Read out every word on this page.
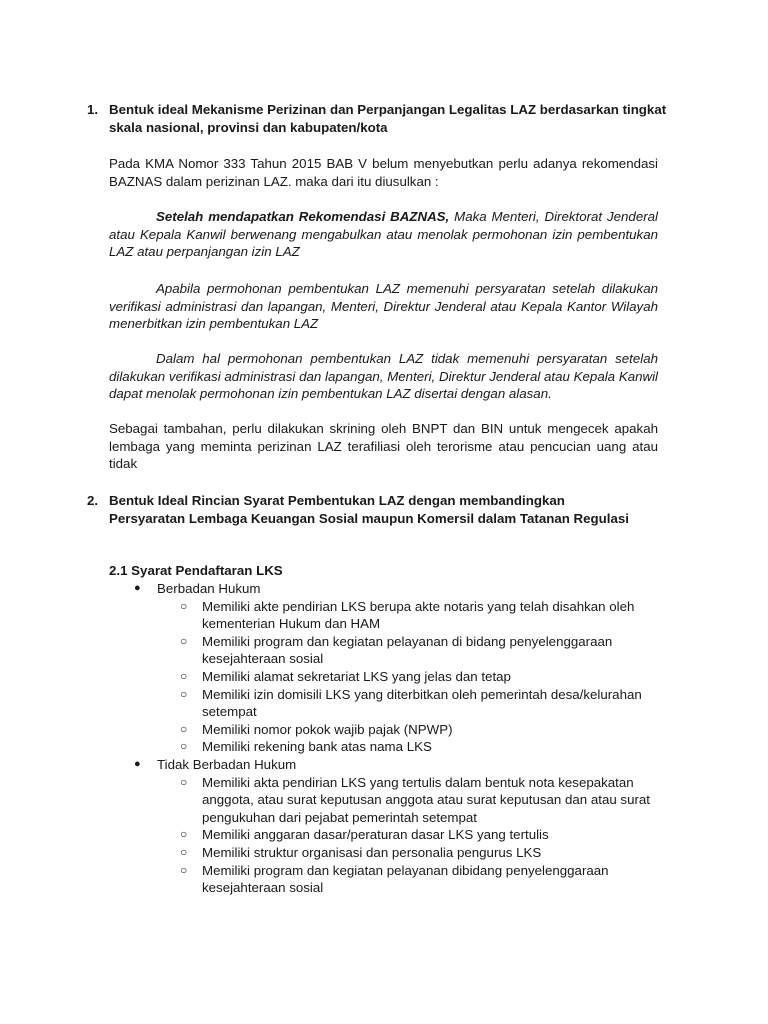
1. Bentuk ideal Mekanisme Perizinan dan Perpanjangan Legalitas LAZ berdasarkan tingkat skala nasional, provinsi dan kabupaten/kota

Pada KMA Nomor 333 Tahun 2015 BAB V belum menyebutkan perlu adanya rekomendasi BAZNAS dalam perizinan LAZ. maka dari itu diusulkan :

Setelah mendapatkan Rekomendasi BAZNAS, Maka Menteri, Direktorat Jenderal atau Kepala Kanwil berwenang mengabulkan atau menolak permohonan izin pembentukan LAZ atau perpanjangan izin LAZ

Apabila permohonan pembentukan LAZ memenuhi persyaratan setelah dilakukan verifikasi administrasi dan lapangan, Menteri, Direktur Jenderal atau Kepala Kantor Wilayah menerbitkan izin pembentukan LAZ

Dalam hal permohonan pembentukan LAZ tidak memenuhi persyaratan setelah dilakukan verifikasi administrasi dan lapangan, Menteri, Direktur Jenderal atau Kepala Kanwil dapat menolak permohonan izin pembentukan LAZ disertai dengan alasan.

Sebagai tambahan, perlu dilakukan skrining oleh BNPT dan BIN untuk mengecek apakah lembaga yang meminta perizinan LAZ terafiliasi oleh terorisme atau pencucian uang atau tidak

2. Bentuk Ideal Rincian Syarat Pembentukan LAZ dengan membandingkan Persyaratan Lembaga Keuangan Sosial maupun Komersil dalam Tatanan Regulasi

2.1 Syarat Pendaftaran LKS

● Berbadan Hukum
○ Memiliki akte pendirian LKS berupa akte notaris yang telah disahkan oleh kementerian Hukum dan HAM
○ Memiliki program dan kegiatan pelayanan di bidang penyelenggaraan kesejahteraan sosial
○ Memiliki alamat sekretariat LKS yang jelas dan tetap
○ Memiliki izin domisili LKS yang diterbitkan oleh pemerintah desa/kelurahan setempat
○ Memiliki nomor pokok wajib pajak (NPWP)
○ Memiliki rekening bank atas nama LKS
● Tidak Berbadan Hukum
○ Memiliki akta pendirian LKS yang tertulis dalam bentuk nota kesepakatan anggota, atau surat keputusan anggota atau surat keputusan dan atau surat pengukuhan dari pejabat pemerintah setempat
○ Memiliki anggaran dasar/peraturan dasar LKS yang tertulis
○ Memiliki struktur organisasi dan personalia pengurus LKS
○ Memiliki program dan kegiatan pelayanan dibidang penyelenggaraan kesejahteraan sosial
